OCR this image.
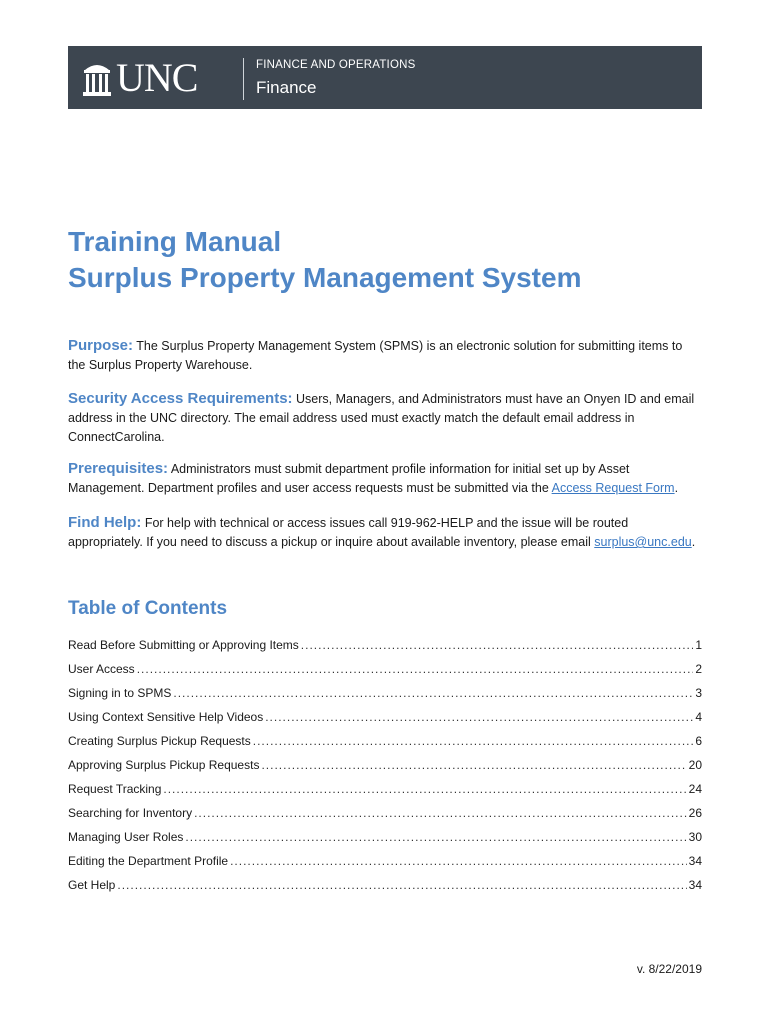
UNC	FINANCE AND OPERATIONS
Finance
Training Manual
Surplus Property Management System
Purpose: The Surplus Property Management System (SPMS) is an electronic solution for submitting items to the Surplus Property Warehouse.
Security Access Requirements: Users, Managers, and Administrators must have an Onyen ID and email address in the UNC directory. The email address used must exactly match the default email address in ConnectCarolina.
Prerequisites: Administrators must submit department profile information for initial set up by Asset Management. Department profiles and user access requests must be submitted via the Access Request Form.
Find Help: For help with technical or access issues call 919-962-HELP and the issue will be routed appropriately. If you need to discuss a pickup or inquire about available inventory, please email surplus@unc.edu.
Table of Contents
Read Before Submitting or Approving Items .....	1
User Access .....	2
Signing in to SPMS .....	3
Using Context Sensitive Help Videos .....	4
Creating Surplus Pickup Requests .....	6
Approving Surplus Pickup Requests .....	20
Request Tracking .....	24
Searching for Inventory .....	26
Managing User Roles .....	30
Editing the Department Profile .....	34
Get Help .....	34
v. 8/22/2019
